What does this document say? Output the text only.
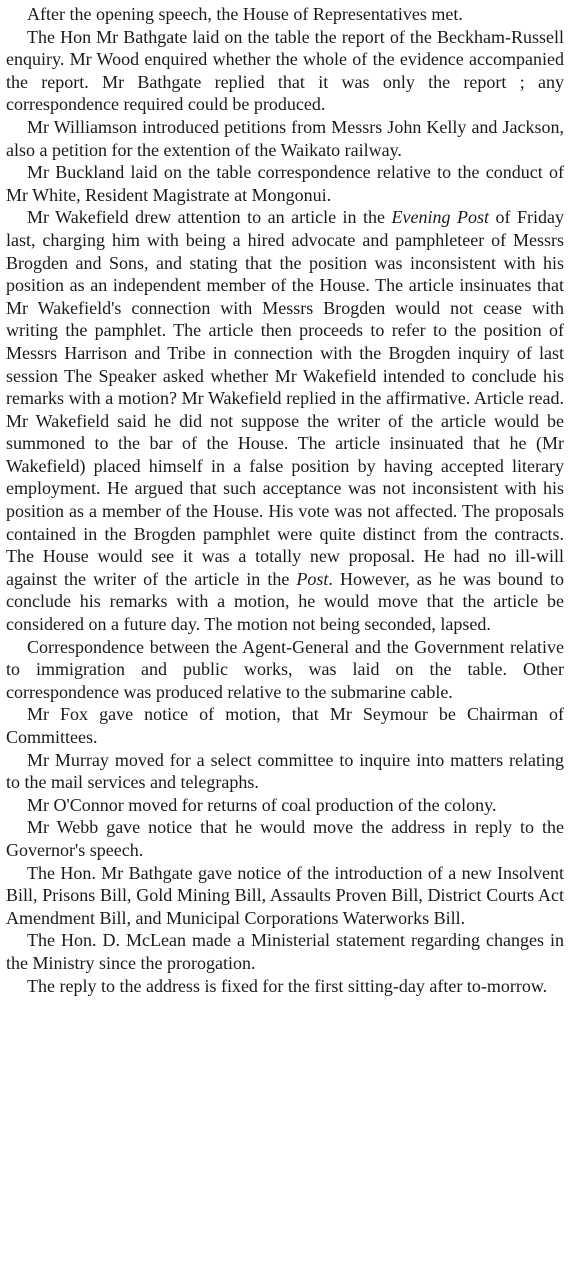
After the opening speech, the House of Representatives met.

The Hon Mr Bathgate laid on the table the report of the Beckham-Russell enquiry. Mr Wood enquired whether the whole of the evidence accompanied the report. Mr Bathgate replied that it was only the report ; any correspondence required could be produced.

Mr Williamson introduced petitions from Messrs John Kelly and Jackson, also a petition for the extention of the Waikato railway.

Mr Buckland laid on the table correspondence relative to the conduct of Mr White, Resident Magistrate at Mongonui.

Mr Wakefield drew attention to an article in the Evening Post of Friday last, charging him with being a hired advocate and pamphleteer of Messrs Brogden and Sons, and stating that the position was inconsistent with his position as an independent member of the House. The article insinuates that Mr Wakefield's connection with Messrs Brogden would not cease with writing the pamphlet. The article then proceeds to refer to the position of Messrs Harrison and Tribe in connection with the Brogden inquiry of last session The Speaker asked whether Mr Wakefield intended to conclude his remarks with a motion? Mr Wakefield replied in the affirmative. Article read. Mr Wakefield said he did not suppose the writer of the article would be summoned to the bar of the House. The article insinuated that he (Mr Wakefield) placed himself in a false position by having accepted literary employment. He argued that such acceptance was not inconsistent with his position as a member of the House. His vote was not affected. The proposals contained in the Brogden pamphlet were quite distinct from the contracts. The House would see it was a totally new proposal. He had no ill-will against the writer of the article in the Post. However, as he was bound to conclude his remarks with a motion, he would move that the article be considered on a future day. The motion not being seconded, lapsed.

Correspondence between the Agent-General and the Government relative to immigration and public works, was laid on the table. Other correspondence was produced relative to the submarine cable.

Mr Fox gave notice of motion, that Mr Seymour be Chairman of Committees.

Mr Murray moved for a select committee to inquire into matters relating to the mail services and telegraphs.

Mr O'Connor moved for returns of coal production of the colony.

Mr Webb gave notice that he would move the address in reply to the Governor's speech.

The Hon. Mr Bathgate gave notice of the introduction of a new Insolvent Bill, Prisons Bill, Gold Mining Bill, Assaults Proven Bill, District Courts Act Amendment Bill, and Municipal Corporations Waterworks Bill.

The Hon. D. McLean made a Ministerial statement regarding changes in the Ministry since the prorogation.

The reply to the address is fixed for the first sitting-day after to-morrow.
